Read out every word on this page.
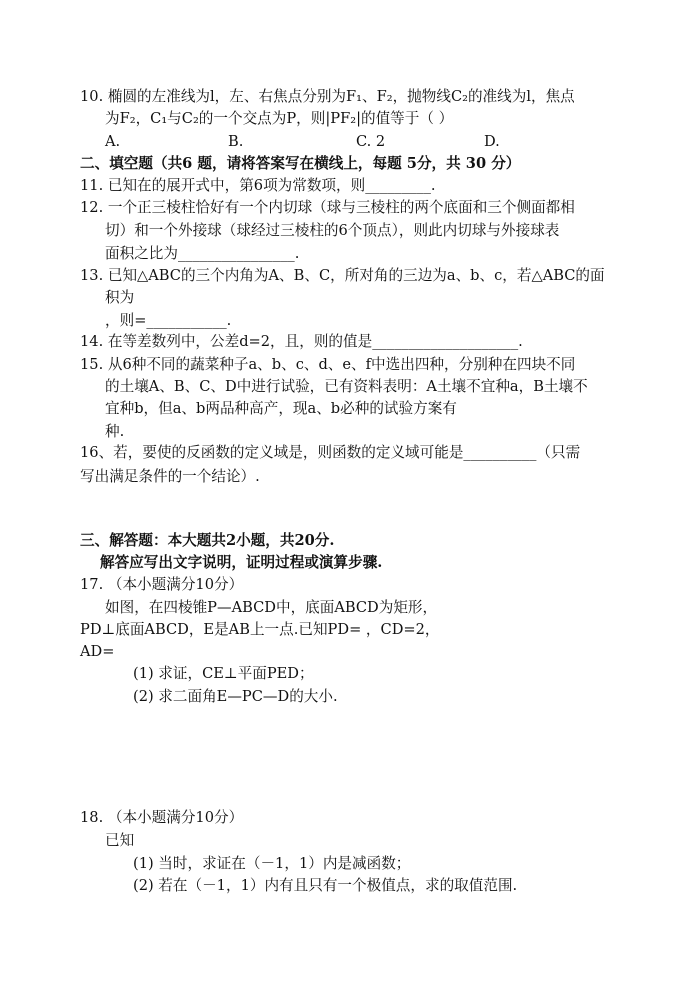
10. 椭圆的左准线为l，左、右焦点分别为F₁、F₂，抛物线C₂的准线为l，焦点
为F₂，C₁与C₂的一个交点为P，则|PF₂|的值等于（ ）
A.	B.	C. 2	D.
二、填空题（共6 题，请将答案写在横线上，每题 5分，共 30 分）
11. 已知在的展开式中，第6项为常数项，则_________.
12. 一个正三棱柱恰好有一个内切球（球与三棱柱的两个底面和三个侧面都相
切）和一个外接球（球经过三棱柱的6个顶点），则此内切球与外接球表
面积之比为________________.
13. 已知△ABC的三个内角为A、B、C，所对角的三边为a、b、c，若△ABC的面
积为
，则=___________.
14. 在等差数列中，公差d=2，且，则的值是____________________.
15. 从6种不同的蔬菜种子a、b、c、d、e、f中选出四种，分别种在四块不同
的土壤A、B、C、D中进行试验，已有资料表明：A土壤不宜种a，B土壤不
宜种b，但a、b两品种高产，现a、b必种的试验方案有
种.
16、若，要使的反函数的定义域是，则函数的定义域可能是__________（只需
写出满足条件的一个结论）.
三、解答题：本大题共2小题，共20分.
解答应写出文字说明，证明过程或演算步骤.
17. （本小题满分10分）
如图，在四棱锥P—ABCD中，底面ABCD为矩形，
PD⊥底面ABCD，E是AB上一点.已知PD= ，CD=2，
AD=
(1) 求证，CE⊥平面PED；
(2) 求二面角E—PC—D的大小.
18. （本小题满分10分）
已知
(1) 当时，求证在（－1，1）内是减函数；
(2) 若在（－1，1）内有且只有一个极值点，求的取值范围.
